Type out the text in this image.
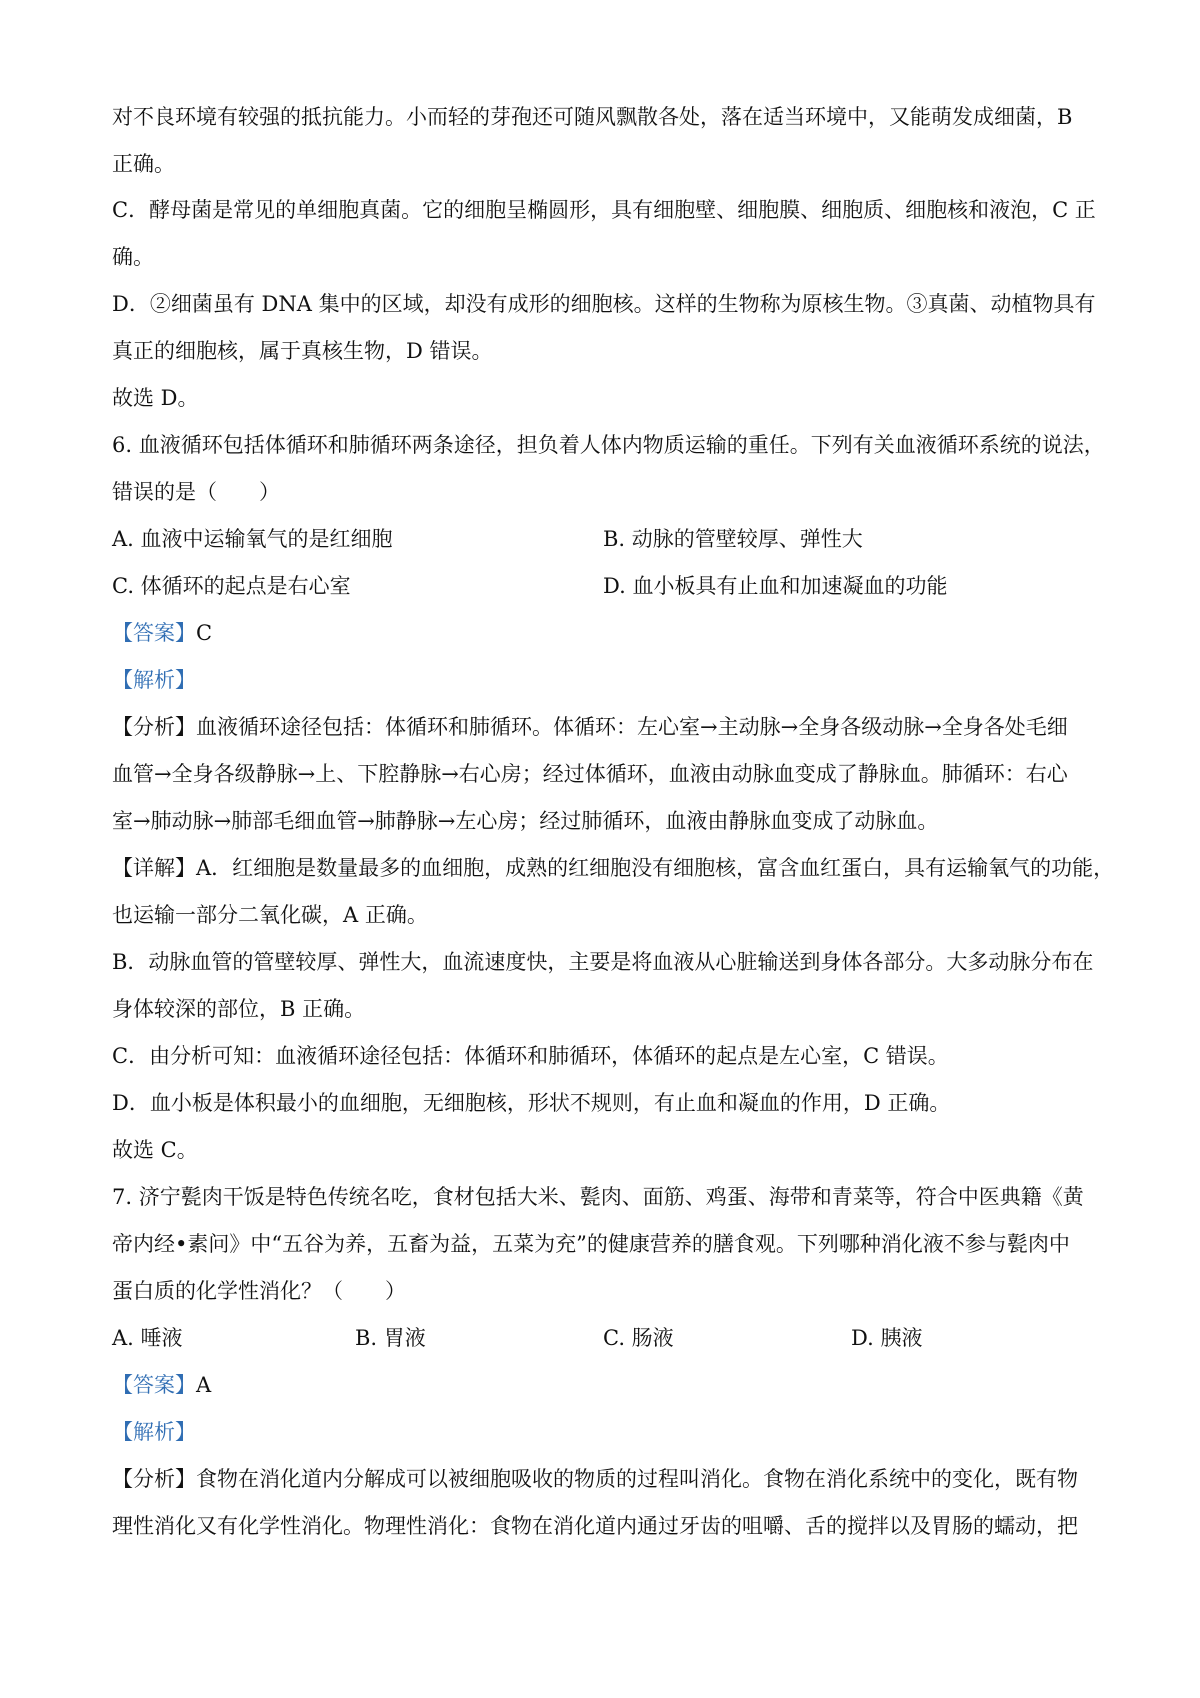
对不良环境有较强的抵抗能力。小而轻的芽孢还可随风飘散各处，落在适当环境中，又能萌发成细菌，B

正确。

C．酵母菌是常见的单细胞真菌。它的细胞呈椭圆形，具有细胞壁、细胞膜、细胞质、细胞核和液泡，C 正

确。

D．②细菌虽有 DNA 集中的区域，却没有成形的细胞核。这样的生物称为原核生物。③真菌、动植物具有

真正的细胞核，属于真核生物，D 错误。

故选 D。

6. 血液循环包括体循环和肺循环两条途径，担负着人体内物质运输的重任。下列有关血液循环系统的说法，

错误的是（　　）

A. 血液中运输氧气的是红细胞	B. 动脉的管壁较厚、弹性大

C. 体循环的起点是右心室	D. 血小板具有止血和加速凝血的功能

【答案】C

【解析】

【分析】血液循环途径包括：体循环和肺循环。体循环：左心室→主动脉→全身各级动脉→全身各处毛细

血管→全身各级静脉→上、下腔静脉→右心房；经过体循环，血液由动脉血变成了静脉血。肺循环：右心

室→肺动脉→肺部毛细血管→肺静脉→左心房；经过肺循环，血液由静脉血变成了动脉血。

【详解】A．红细胞是数量最多的血细胞，成熟的红细胞没有细胞核，富含血红蛋白，具有运输氧气的功能，

也运输一部分二氧化碳，A 正确。

B．动脉血管的管壁较厚、弹性大，血流速度快，主要是将血液从心脏输送到身体各部分。大多动脉分布在

身体较深的部位，B 正确。

C．由分析可知：血液循环途径包括：体循环和肺循环，体循环的起点是左心室，C 错误。

D．血小板是体积最小的血细胞，无细胞核，形状不规则，有止血和凝血的作用，D 正确。

故选 C。

7. 济宁甏肉干饭是特色传统名吃，食材包括大米、甏肉、面筋、鸡蛋、海带和青菜等，符合中医典籍《黄

帝内经•素问》中“五谷为养，五畜为益，五菜为充”的健康营养的膳食观。下列哪种消化液不参与甏肉中

蛋白质的化学性消化？（　　）

A. 唾液	B. 胃液	C. 肠液	D. 胰液

【答案】A

【解析】

【分析】食物在消化道内分解成可以被细胞吸收的物质的过程叫消化。食物在消化系统中的变化，既有物

理性消化又有化学性消化。物理性消化：食物在消化道内通过牙齿的咀嚼、舌的搅拌以及胃肠的蠕动，把
